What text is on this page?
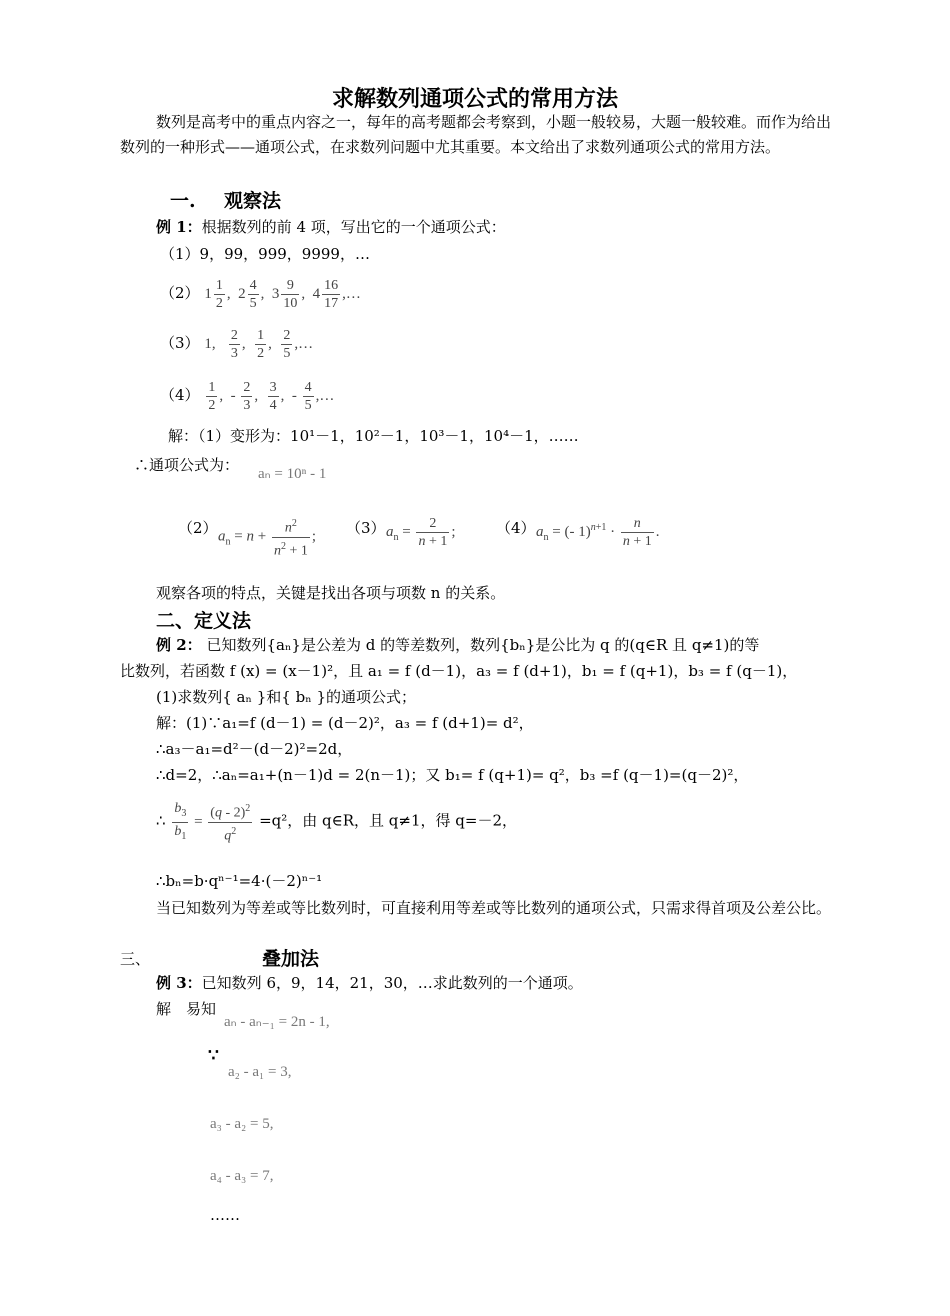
求解数列通项公式的常用方法
数列是高考中的重点内容之一，每年的高考题都会考察到，小题一般较易，大题一般较难。而作为给出数列的一种形式——通项公式，在求数列问题中尤其重要。本文给出了求数列通项公式的常用方法。
一. 观察法
例 1：根据数列的前 4 项，写出它的一个通项公式：
（1）9，99，999，9999，…
（2） $1 \frac{1}{2}$ ,  $2 \frac{4}{5}$ ,  $3 \frac{9}{10}$ ,  $4 \frac{16}{17}$ ,…
（3） 1, $\frac{2}{3}$ , $\frac{1}{2}$ , $\frac{2}{5}$ ,…
$(4) \frac{1}{2}$ ,  - $\frac{2}{3}$ , $\frac{3}{4}$ ,  - $\frac{4}{5}$ ,…
解：（1）变形为：10¹－1，10²－1，10³－1，10⁴－1，……
∴通项公式为： aₙ = 10ⁿ - 1
（2） $a_n = n + \frac{n^2}{n^2 + 1}$ ; （3） $a_n = \frac{2}{n + 1}$ ;	（4） $a_n$ = (- $1)^{n+1} \cdot \frac{n}{n + 1}$ .
观察各项的特点，关键是找出各项与项数 n 的关系。
二、定义法
例 2： 已知数列{aₙ}是公差为 d 的等差数列，数列{bₙ}是公比为 q 的(q∈R 且 q≠1)的等
比数列，若函数 f (x) = (x－1)²，且 a₁ = f (d－1)，a₃ = f (d+1)，b₁ = f (q+1)，b₃ = f (q－1)，
(1)求数列{ aₙ }和{ bₙ }的通项公式；
解：(1)∵a₁=f (d－1) = (d－2)²，a₃ = f (d+1)= d²，
∴a₃－a₁=d²－(d－2)²=2d，
∴d=2，∴aₙ=a₁+(n－1)d = 2(n－1)；又 b₁= f (q+1)= q²，b₃ =f (q－1)=(q－2)²，
∴ $\frac{b_3}{b_1} = \frac{(q - 2)^2}{q^2} =q^2$，由 q∈R，且 q≠1，得 q=－2，
∴bₙ=b·qⁿ⁻¹=4·(－2)ⁿ⁻¹
当已知数列为等差或等比数列时，可直接利用等差或等比数列的通项公式，只需求得首项及公差公比。
三、	叠加法
例 3：已知数列 6，9，14，21，30，…求此数列的一个通项。
解　易知
aₙ - aₙ₋₁ = 2n - 1,
∵
a₂ - a₁ = 3,
a₃ - a₂ = 5,
a₄ - a₃ = 7,
……
